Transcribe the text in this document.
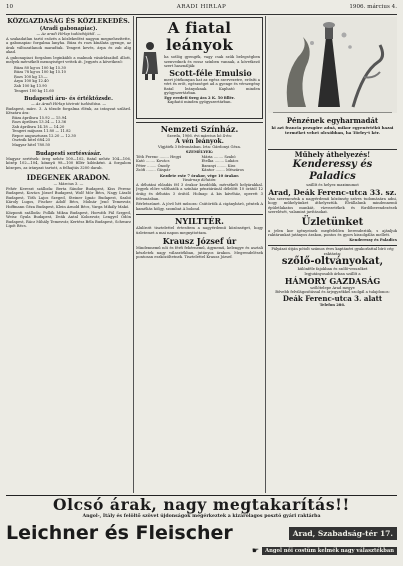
10	ARADI HIRLAP	1906. március 4.
KÖZGAZDASÁG ÉS KÖZLEKEDÉS.
(Aradi gabonapiac).
— Az aradi Hírlap tudósítójától. —
A szakadatlan tartó esőzés a közlekedést nagyon megnehezítette, a gabonapiac forgalma lanyha. Búza és rozs kínálata gyenge, az árak változatlanok maradtak. Tengeri kevés, árpa és zab alig akad.
A gabonapiaci forgalom leginkább a malmok vásárlásaiból állott, melyek mérsékelt mennyiséget vettek át. Jegyzés a következő:
Búza 80 kg-os 100 kg 15.30
Búza 78 kg-os 100 kg 15.10
Rozs 100 kg 13.—
Árpa 100 kg 12.40
Zab 100 kg 13.90
Tengeri 100 kg 11.60
Budapesti áru- és értéktőzsde.
— Az Aradi Hírlap távirati tudósítása. —
Budapest, márc. 3. A tőzsde forgalma élénk, az irányzat szilárd. Készáru ára:
Búza áprilisra 15.92 — 15.94
Rozs áprilisra 13.34 — 13.36
Zab áprilisra 14.18 — 14.20
Tengeri májusra 11.80 — 11.82
Repce augusztusra 12.20 — 12.30
Osztrák hitel 684.25
Magyar hitel 780.50
Budapesti sertésvásár.
Magyar sertések: öreg nehéz 100—102, fiatal nehéz 104—106, közép 102—104, könnyű 98—100 fillér kilónként. A forgalom közepes, az irányzat tartott, a felhajtás 3200 darab.
IDEGENEK ARADON.
— Március 3. —
Fehér Kereszt szálloda: Berta Sándor Budapest, Kiss Ferenc Budapest, Kovács József Budapest, Wolf Mór Bécs, Nagy László Budapest, Tóth Lajos Szeged, Steiner Ignác Budapest, Szabó Károly Lugos, Fischer Adolf Bécs, Molnár Jenő Temesvár, Hoffmann Géza Budapest, Klein Arnold Bécs, Varga Mihály Makó.
Központi szálloda: Pollák Miksa Budapest, Horváth Pál Szeged, Weisz Gyula Budapest, Deák Antal Kolozsvár, Lengyel Ödön Budapest, Rácz Mihály Temesvár, Kertész Béla Budapest, Schwarz Lipót Bécs.
A fiatal leányok
ha sotlóg gyengék, vagy csak szűk belegségben szenvednek és rossz színben vannak, a következő szert használják:
Scott-féle Emulsio
mert jótékonyan hat az egész szervezetre, erősíti a vért és erőt, egészséget ad a gyenge és vérszegény fiatal leányoknak. Kapható minden gyógyszertárban.
Egy eredeti üveg ára 2 K. 50 fillér.
Kapható minden gyógyszertárban.
Nemzeti Színház.
Szerda, 1906. évi március hó 4-én:
A vén leányok.
Vígjáték 3 felvonásban. Irta: Gárdonyi Géza.
SZEMÉLYEK:
Tóth Ferenc ........ Hegyi	Mária ........ Szabó
Kató ........ Kovács	Etelka ........ Lukács
Péter ........ Ónody	Baranyi ........ Kiss
Zsófi ........ Gáspár	Kántor ........ Mészáros
Kezdete este 7 órakor, vége 10 órakor.
Vasárnap délután:
A délutáni előadás fél 3 órakor kezdődik, mérsékelt helyárakkal. Jegyek előre válthatók a színház pénztáránál délelőtt 10 órától 12 óráig és délután 3 órától. Holnap: A kis kávéház, operett 3 felvonásban.
Bérletszünet. A jövő hét műsora: Csütörtök A cigánybáró, péntek A kaméliás hölgy, szombat A bolond.
NYILTTÉR.
Alulírott tisztelettel értesítem a nagyérdemű közönséget, hogy üzletemet a mai napon megnyitottam.
Krausz József úr
Mindennemű női és férfi fehérnemű, ágynemű, kelengye és asztali készletek nagy választékban, jutányos árakon. Megrendelések pontosan eszközöltetnek. Tisztelettel Krausz József.
Pénzének egyharmadát
ki azt francia pezsgőre adná, mikor egyenértékű hazai terméket vehet olcsóbban, ha Törley-t kér.
Műhely áthelyezés!
Kenderessy és Paladics
szállít és helyez maximumot
Arad, Deák Ferenc-utca 33. sz.
Van szerencsénk a nagyérdemű közönség szíves tudomására adni, hogy műhelyünket áthelyeztük. Elvállalunk mindennemű épületlakatos munkát, vízvezetékek és fürdőberendezések szerelését, valamint javításokat.
Üzletünket
a jelen kor igényeinek megfelelően berendeztük, s ajánljuk raktárunkat jutányos árakon, pontos és gyors kiszolgálás mellett.
Kenderessy és Paladics
Pályázat útján pótolt számos éves kaptánéri gyakorlattal bíró cég raktárán:
szőlő-oltványokat,
különféle fajokban és szőlő-vesszőket
legjutányosabb árban szállít a
HÁMORY GAZDASÁG
szőlőtelepe Arad megye
Bővebb felvilágosítással és árjegyzékkel szolgál a tulajdonos:
Deák Ferenc-utca 3. alatt
Telefon 286.
Olcsó árak, nagy megtakarítás!!
Angol-, Itály és felöltő szövet újdonságok megérkeztek a kizárólagos posztó gyári raktárba
Leichner és Fleischer	Arad, Szabadság-tér 17.
☛	Angol női costüm kelmék nagy választékban
